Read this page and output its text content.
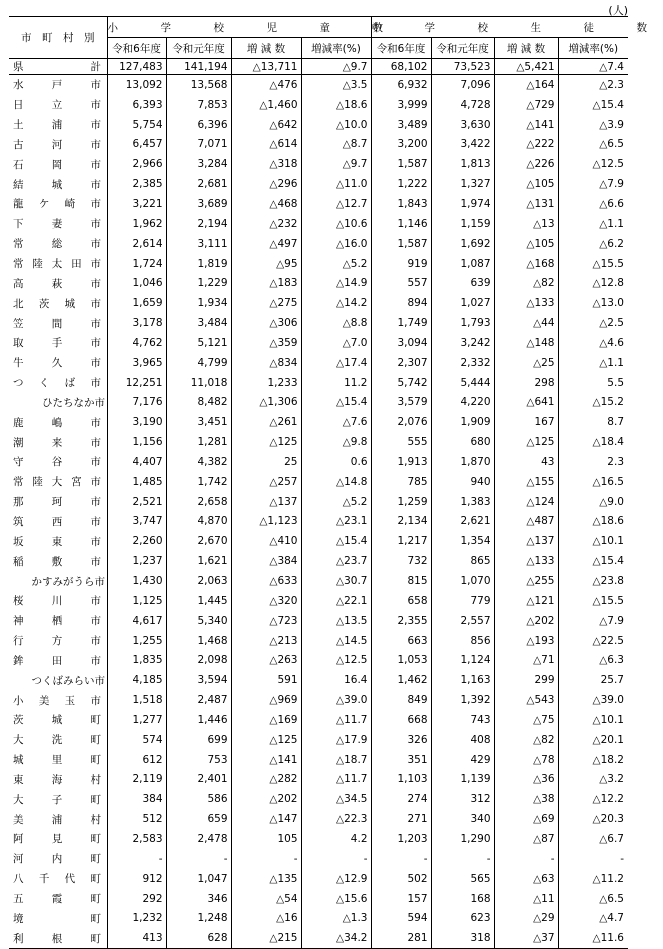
(人)
市　町　村　別	小　学　校　児　童　数				中　学　校　生　徒　数			
	令和6年度	令和元年度	増 減 数	増減率(%)	令和6年度	令和元年度	増 減 数	増減率(%)

県　　　　　計	127,483	141,194	△13,711	△9.7	68,102	73,523	△5,421	△7.4

水戸市	13,092	13,568	△476	△3.5	6,932	7,096	△164	△2.3

日立市	6,393	7,853	△1,460	△18.6	3,999	4,728	△729	△15.4

土浦市	5,754	6,396	△642	△10.0	3,489	3,630	△141	△3.9

古河市	6,457	7,071	△614	△8.7	3,200	3,422	△222	△6.5

石岡市	2,966	3,284	△318	△9.7	1,587	1,813	△226	△12.5

結城市	2,385	2,681	△296	△11.0	1,222	1,327	△105	△7.9

龍ケ崎市	3,221	3,689	△468	△12.7	1,843	1,974	△131	△6.6

下妻市	1,962	2,194	△232	△10.6	1,146	1,159	△13	△1.1

常総市	2,614	3,111	△497	△16.0	1,587	1,692	△105	△6.2

常陸太田市	1,724	1,819	△95	△5.2	919	1,087	△168	△15.5

高萩市	1,046	1,229	△183	△14.9	557	639	△82	△12.8

北茨城市	1,659	1,934	△275	△14.2	894	1,027	△133	△13.0

笠間市	3,178	3,484	△306	△8.8	1,749	1,793	△44	△2.5

取手市	4,762	5,121	△359	△7.0	3,094	3,242	△148	△4.6

牛久市	3,965	4,799	△834	△17.4	2,307	2,332	△25	△1.1

つくば市	12,251	11,018	1,233	11.2	5,742	5,444	298	5.5

ひたちなか市	7,176	8,482	△1,306	△15.4	3,579	4,220	△641	△15.2

鹿嶋市	3,190	3,451	△261	△7.6	2,076	1,909	167	8.7

潮来市	1,156	1,281	△125	△9.8	555	680	△125	△18.4

守谷市	4,407	4,382	25	0.6	1,913	1,870	43	2.3

常陸大宮市	1,485	1,742	△257	△14.8	785	940	△155	△16.5

那珂市	2,521	2,658	△137	△5.2	1,259	1,383	△124	△9.0

筑西市	3,747	4,870	△1,123	△23.1	2,134	2,621	△487	△18.6

坂東市	2,260	2,670	△410	△15.4	1,217	1,354	△137	△10.1

稲敷市	1,237	1,621	△384	△23.7	732	865	△133	△15.4

かすみがうら市	1,430	2,063	△633	△30.7	815	1,070	△255	△23.8

桜川市	1,125	1,445	△320	△22.1	658	779	△121	△15.5

神栖市	4,617	5,340	△723	△13.5	2,355	2,557	△202	△7.9

行方市	1,255	1,468	△213	△14.5	663	856	△193	△22.5

鉾田市	1,835	2,098	△263	△12.5	1,053	1,124	△71	△6.3

つくばみらい市	4,185	3,594	591	16.4	1,462	1,163	299	25.7

小美玉市	1,518	2,487	△969	△39.0	849	1,392	△543	△39.0

茨城町	1,277	1,446	△169	△11.7	668	743	△75	△10.1

大洗町	574	699	△125	△17.9	326	408	△82	△20.1

城里町	612	753	△141	△18.7	351	429	△78	△18.2

東海村	2,119	2,401	△282	△11.7	1,103	1,139	△36	△3.2

大子町	384	586	△202	△34.5	274	312	△38	△12.2

美浦村	512	659	△147	△22.3	271	340	△69	△20.3

阿見町	2,583	2,478	105	4.2	1,203	1,290	△87	△6.7

河内町	-	-	-	-	-	-	-	-

八千代町	912	1,047	△135	△12.9	502	565	△63	△11.2

五霞町	292	346	△54	△15.6	157	168	△11	△6.5

境町	1,232	1,248	△16	△1.3	594	623	△29	△4.7

利根町	413	628	△215	△34.2	281	318	△37	△11.6
